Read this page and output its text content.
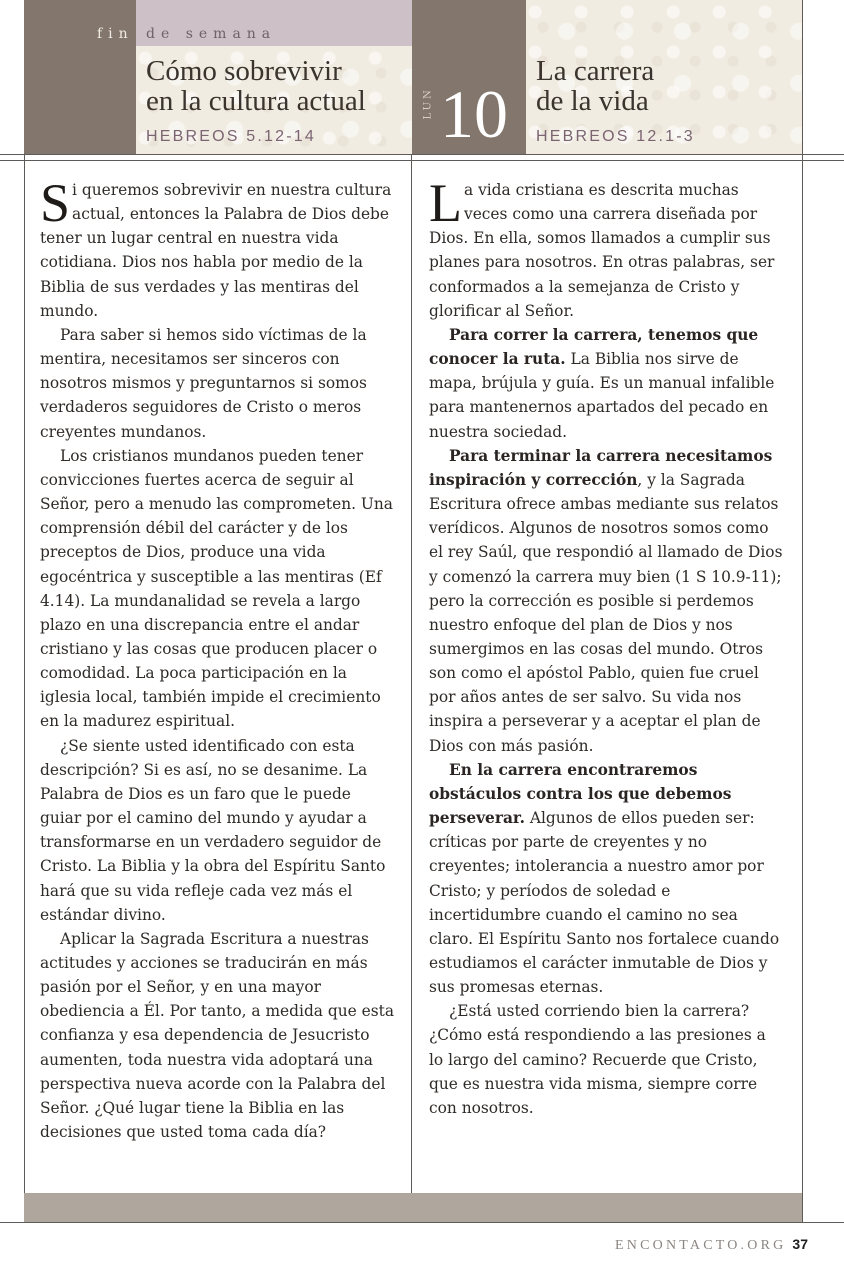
fin de semana
Cómo sobrevivir
en la cultura actual
HEBREOS 5.12-14
LUN 10
La carrera
de la vida
HEBREOS 12.1-3

Si queremos sobrevivir en nuestra cultura actual, entonces la Palabra de Dios debe tener un lugar central en nuestra vida cotidiana. Dios nos habla por medio de la Biblia de sus verdades y las mentiras del mundo.

Para saber si hemos sido víctimas de la mentira, necesitamos ser sinceros con nosotros mismos y preguntarnos si somos verdaderos seguidores de Cristo o meros creyentes mundanos.

Los cristianos mundanos pueden tener convicciones fuertes acerca de seguir al Señor, pero a menudo las comprometen. Una comprensión débil del carácter y de los preceptos de Dios, produce una vida egocéntrica y susceptible a las mentiras (Ef 4.14). La mundanalidad se revela a largo plazo en una discrepancia entre el andar cristiano y las cosas que producen placer o comodidad. La poca participación en la iglesia local, también impide el crecimiento en la madurez espiritual.

¿Se siente usted identificado con esta descripción? Si es así, no se desanime. La Palabra de Dios es un faro que le puede guiar por el camino del mundo y ayudar a transformarse en un verdadero seguidor de Cristo. La Biblia y la obra del Espíritu Santo hará que su vida refleje cada vez más el estándar divino.

Aplicar la Sagrada Escritura a nuestras actitudes y acciones se traducirán en más pasión por el Señor, y en una mayor obediencia a Él. Por tanto, a medida que esta confianza y esa dependencia de Jesucristo aumenten, toda nuestra vida adoptará una perspectiva nueva acorde con la Palabra del Señor. ¿Qué lugar tiene la Biblia en las decisiones que usted toma cada día?

La vida cristiana es descrita muchas veces como una carrera diseñada por Dios. En ella, somos llamados a cumplir sus planes para nosotros. En otras palabras, ser conformados a la semejanza de Cristo y glorificar al Señor.

Para correr la carrera, tenemos que conocer la ruta. La Biblia nos sirve de mapa, brújula y guía. Es un manual infalible para mantenernos apartados del pecado en nuestra sociedad.

Para terminar la carrera necesitamos inspiración y corrección, y la Sagrada Escritura ofrece ambas mediante sus relatos verídicos. Algunos de nosotros somos como el rey Saúl, que respondió al llamado de Dios y comenzó la carrera muy bien (1 S 10.9-11); pero la corrección es posible si perdemos nuestro enfoque del plan de Dios y nos sumergimos en las cosas del mundo. Otros son como el apóstol Pablo, quien fue cruel por años antes de ser salvo. Su vida nos inspira a perseverar y a aceptar el plan de Dios con más pasión.

En la carrera encontraremos obstáculos contra los que debemos perseverar. Algunos de ellos pueden ser: críticas por parte de creyentes y no creyentes; intolerancia a nuestro amor por Cristo; y períodos de soledad e incertidumbre cuando el camino no sea claro. El Espíritu Santo nos fortalece cuando estudiamos el carácter inmutable de Dios y sus promesas eternas.

¿Está usted corriendo bien la carrera? ¿Cómo está respondiendo a las presiones a lo largo del camino? Recuerde que Cristo, que es nuestra vida misma, siempre corre con nosotros.

ENCONTACTO.ORG 37
